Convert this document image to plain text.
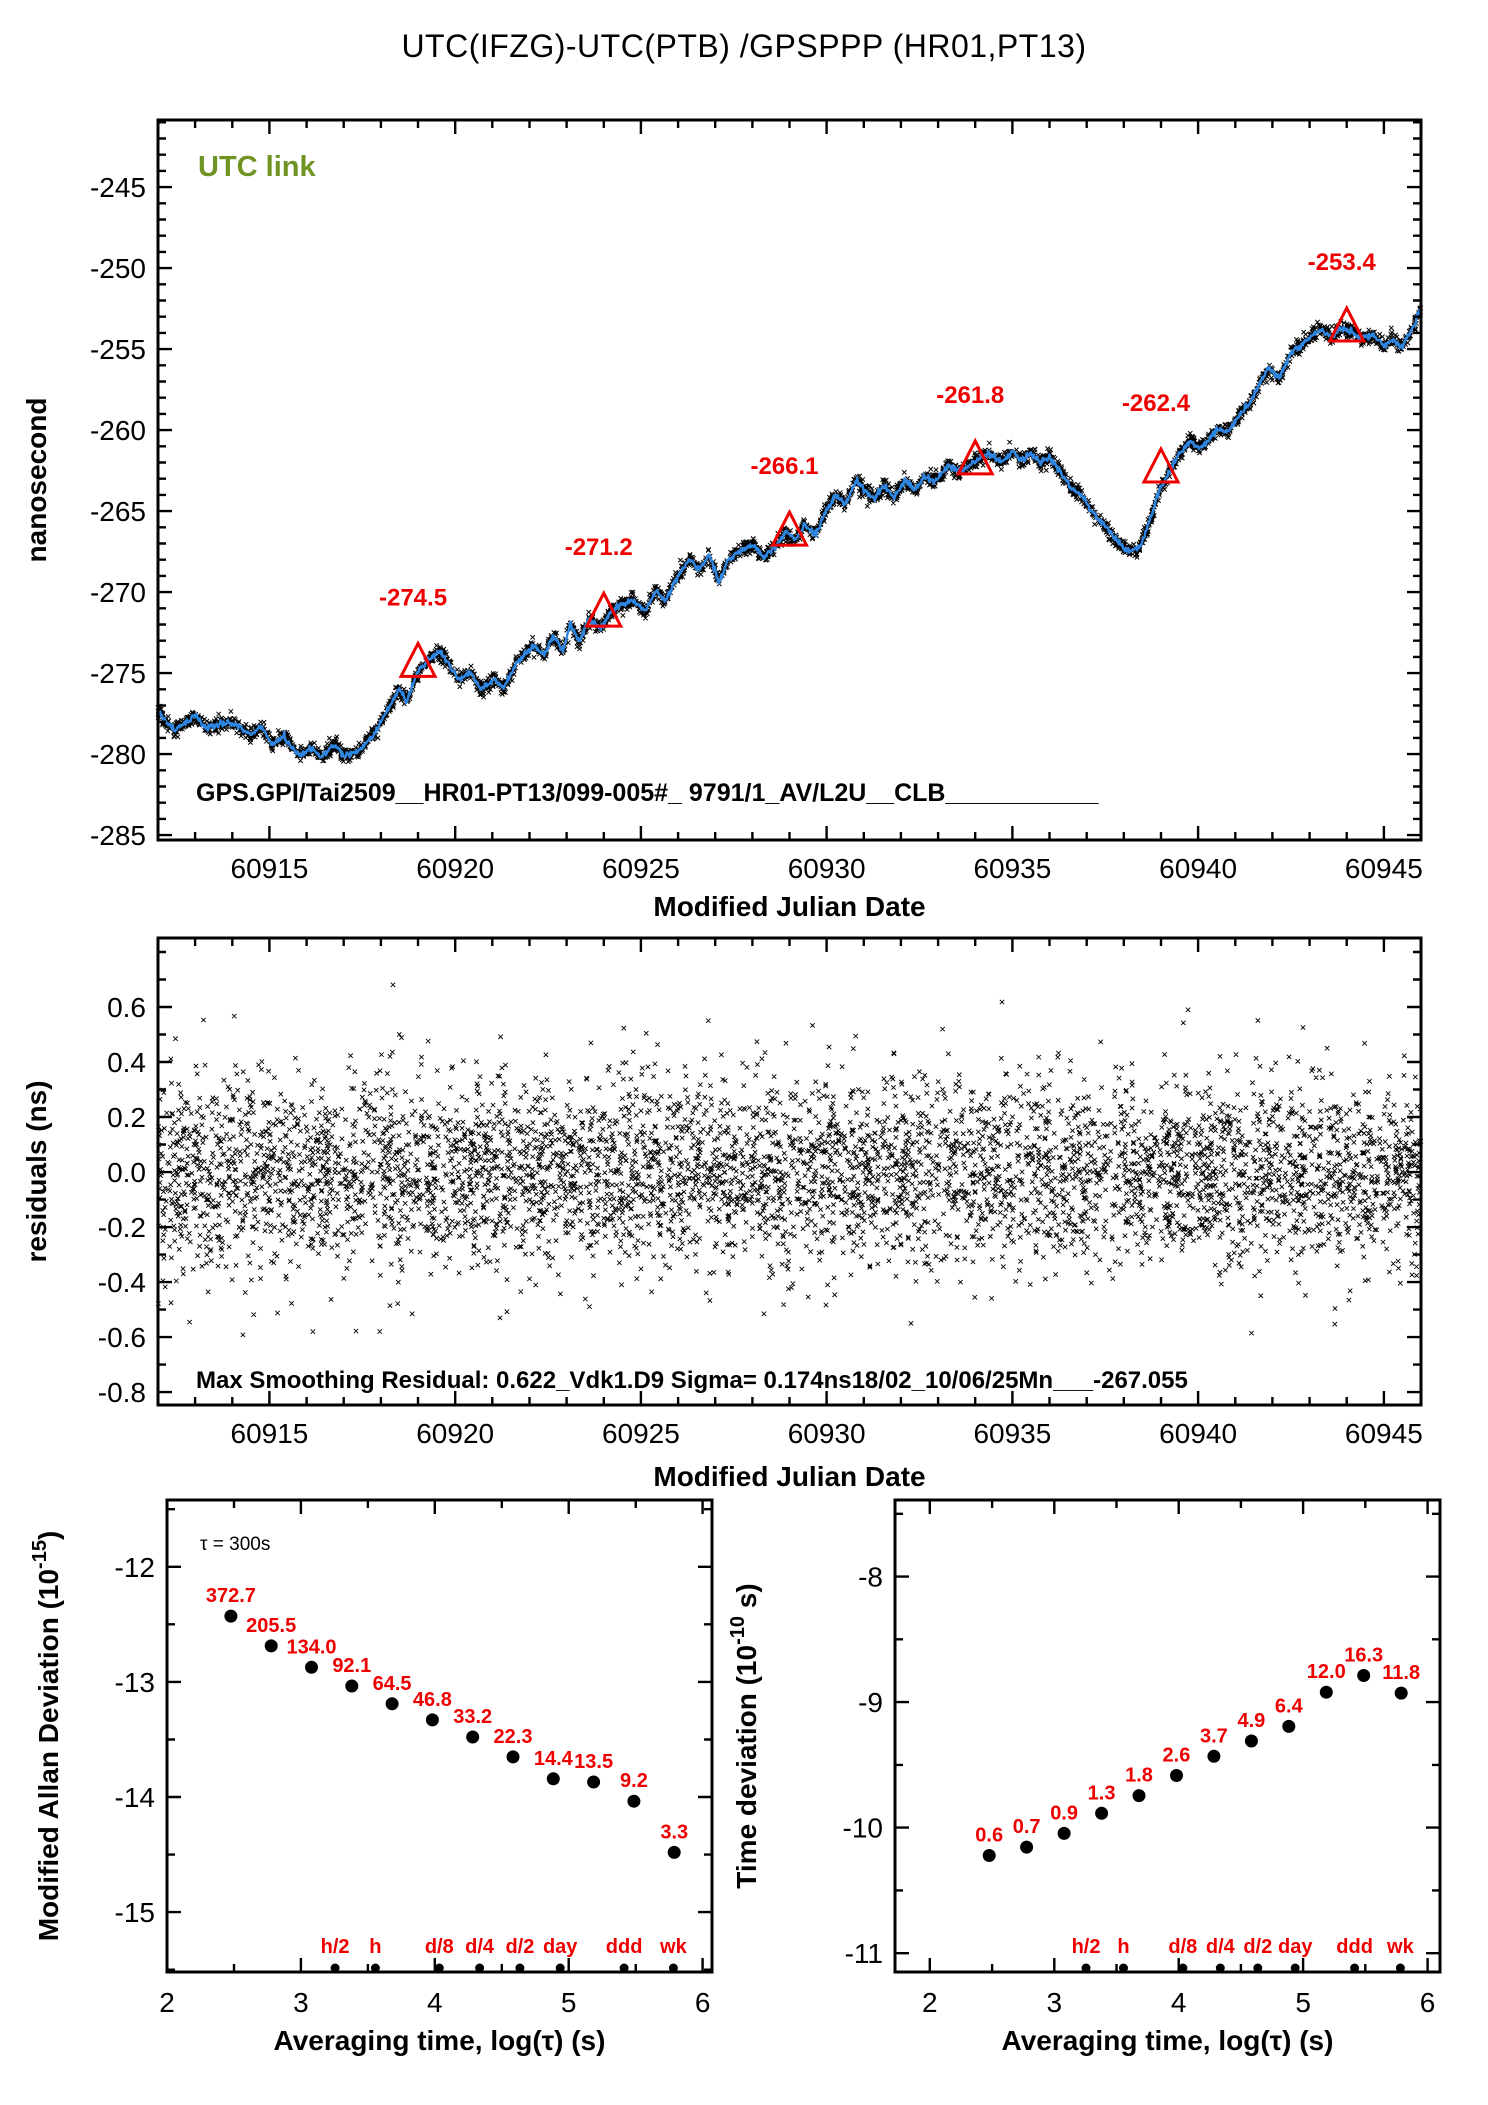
UTC(IFZG)-UTC(PTB) /GPSPPP (HR01,PT13)
-274.5
-271.2
-266.1
-261.8	-262.4
-253.4
UTC link
GPS.GPI/Tai2509__HR01-PT13/099-005#_ 9791/1_AV/L2U__CLB___________
60915	60920	60925	60930	60935	60940	60945
Modified Julian Date
-245
-250
-255
-260
-265
-270
-275
-280
-285
nanosecond
Max Smoothing Residual: 0.622_Vdk1.D9 Sigma= 0.174ns18/02_10/06/25Mn___-267.055
60915	60920	60925	60930	60935	60940	60945
Modified Julian Date
0.6
0.4
0.2
0.0
-0.2
-0.4
-0.6
-0.8
residuals (ns)
372.7
205.5
134.0
92.1
64.5
46.8
33.2
22.3
14.4 13.5
9.2
3.3
h/2 h d/8 d/4 d/2 day ddd wk
τ = 300s
2	3	4	5	6
Averaging time, log(τ) (s)
-12
-13
-14
-15
Modified Allan Deviation $(10^{-15})$
0.6 0.7
0.9
1.3
1.8
2.6
3.7
4.9
6.4
12.0
16.3
11.8
h/2 h d/8 d/4 d/2 day ddd wk
2	3	4	5	6
Averaging time, log(τ) (s)
-8
-9
-10
-11
Time deviation ($10^{-10}$ s)
